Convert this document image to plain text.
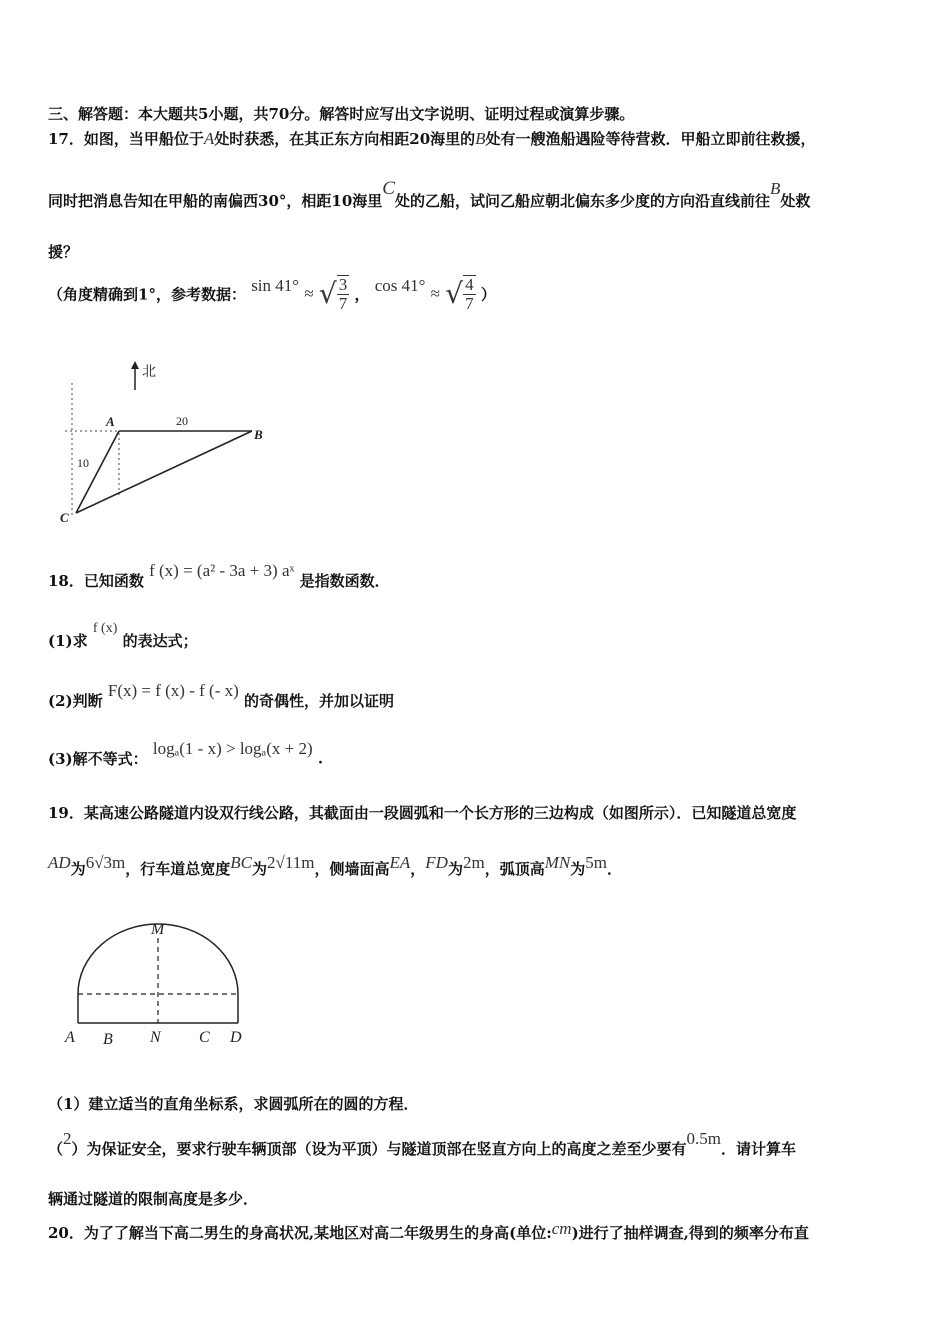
三、解答题：本大题共5小题，共70分。解答时应写出文字说明、证明过程或演算步骤。
17．如图，当甲船位于A处时获悉，在其正东方向相距20海里的B处有一艘渔船遇险等待营救．甲船立即前往救援，
同时把消息告知在甲船的南偏西30°，相距10海里C处的乙船，试问乙船应朝北偏东多少度的方向沿直线前往B处救
援？
（角度精确到1°，参考数据： sin 41° ≈ √ $\frac{3}{7}$ ， cos 41° ≈ √ $\frac{4}{7}$ ）
北
A
B
C
20
10
18．已知函数 f (x) = (a² - 3a + 3) aˣ 是指数函数．
(1)求 f (x) 的表达式；
(2)判断 F(x) = f (x) - f (- x) 的奇偶性，并加以证明
(3)解不等式： logₐ(1 - x) > logₐ(x + 2) .
19．某高速公路隧道内设双行线公路，其截面由一段圆弧和一个长方形的三边构成（如图所示）．已知隧道总宽度
AD为6√3m，行车道总宽度BC为2√11m，侧墙面高EA，FD为2m，弧顶高MN为5m．
M
A B N C D
（1）建立适当的直角坐标系，求圆弧所在的圆的方程．
（2）为保证安全，要求行驶车辆顶部（设为平顶）与隧道顶部在竖直方向上的高度之差至少要有0.5m．请计算车
辆通过隧道的限制高度是多少．
20．为了了解当下高二男生的身高状况,某地区对高二年级男生的身高(单位:cm)进行了抽样调查,得到的频率分布直
